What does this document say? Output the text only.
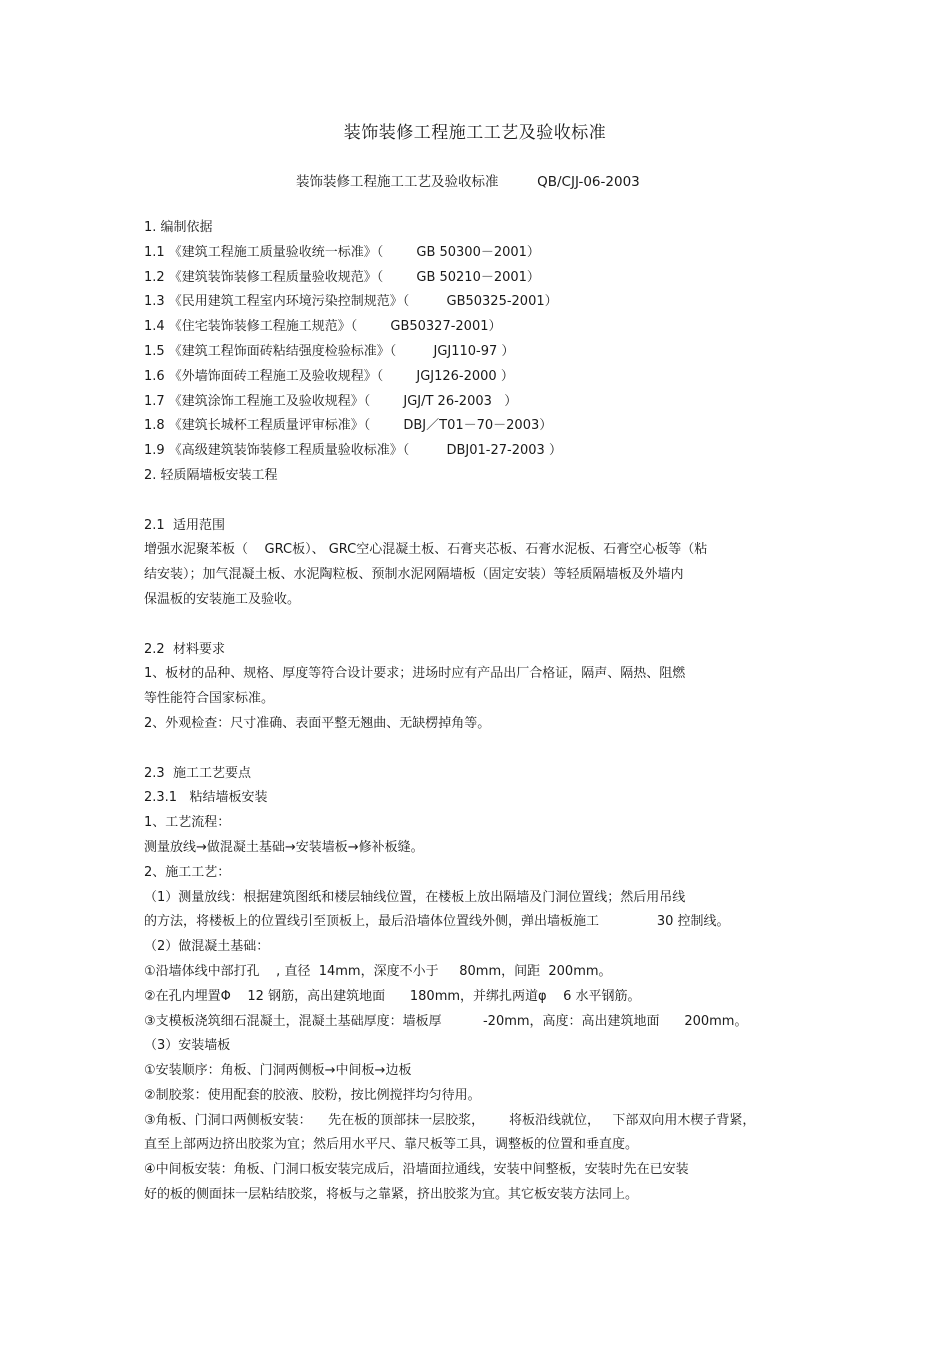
装饰装修工程施工工艺及验收标准
装饰装修工程施工工艺及验收标准         QB/CJJ-06-2003
1. 编制依据
1.1 《建筑工程施工质量验收统一标准》（        GB 50300－2001）
1.2 《建筑装饰装修工程质量验收规范》（        GB 50210－2001）
1.3 《民用建筑工程室内环境污染控制规范》（         GB50325-2001）
1.4 《住宅装饰装修工程施工规范》（        GB50327-2001）
1.5 《建筑工程饰面砖粘结强度检验标准》（         JGJ110-97 ）
1.6 《外墙饰面砖工程施工及验收规程》（        JGJ126-2000 ）
1.7 《建筑涂饰工程施工及验收规程》（        JGJ/T 26-2003   ）
1.8 《建筑长城杯工程质量评审标准》（        DBJ／T01－70－2003）
1.9 《高级建筑装饰装修工程质量验收标准》（         DBJ01-27-2003 ）
2. 轻质隔墙板安装工程
2.1  适用范围
增强水泥聚苯板（    GRC板）、 GRC空心混凝土板、石膏夹芯板、石膏水泥板、石膏空心板等（粘
结安装）；加气混凝土板、水泥陶粒板、预制水泥网隔墙板（固定安装）等轻质隔墙板及外墙内
保温板的安装施工及验收。
2.2  材料要求
1、板材的品种、规格、厚度等符合设计要求；进场时应有产品出厂合格证，隔声、隔热、阻燃
等性能符合国家标准。
2、外观检查：尺寸准确、表面平整无翘曲、无缺楞掉角等。
2.3  施工工艺要点
2.3.1   粘结墙板安装
1、工艺流程：
测量放线→做混凝土基础→安装墙板→修补板缝。
2、施工工艺：
（1）测量放线：根据建筑图纸和楼层轴线位置，在楼板上放出隔墙及门洞位置线；然后用吊线
的方法，将楼板上的位置线引至顶板上，最后沿墙体位置线外侧，弹出墙板施工              30 控制线。
（2）做混凝土基础：
①沿墙体线中部打孔    , 直径  14mm，深度不小于     80mm，间距  200mm。
②在孔内埋置Φ    12 钢筋，高出建筑地面      180mm，并绑扎两道φ    6 水平钢筋。
③支模板浇筑细石混凝土，混凝土基础厚度：墙板厚          -20mm，高度：高出建筑地面      200mm。
（3）安装墙板
①安装顺序：角板、门洞两侧板→中间板→边板
②制胶浆：使用配套的胶液、胶粉，按比例搅拌均匀待用。
③角板、门洞口两侧板安装：    先在板的顶部抹一层胶浆，      将板沿线就位，   下部双向用木楔子背紧，
直至上部两边挤出胶浆为宜；然后用水平尺、靠尺板等工具，调整板的位置和垂直度。
④中间板安装：角板、门洞口板安装完成后，沿墙面拉通线，安装中间整板，安装时先在已安装
好的板的侧面抹一层粘结胶浆，将板与之靠紧，挤出胶浆为宜。其它板安装方法同上。
